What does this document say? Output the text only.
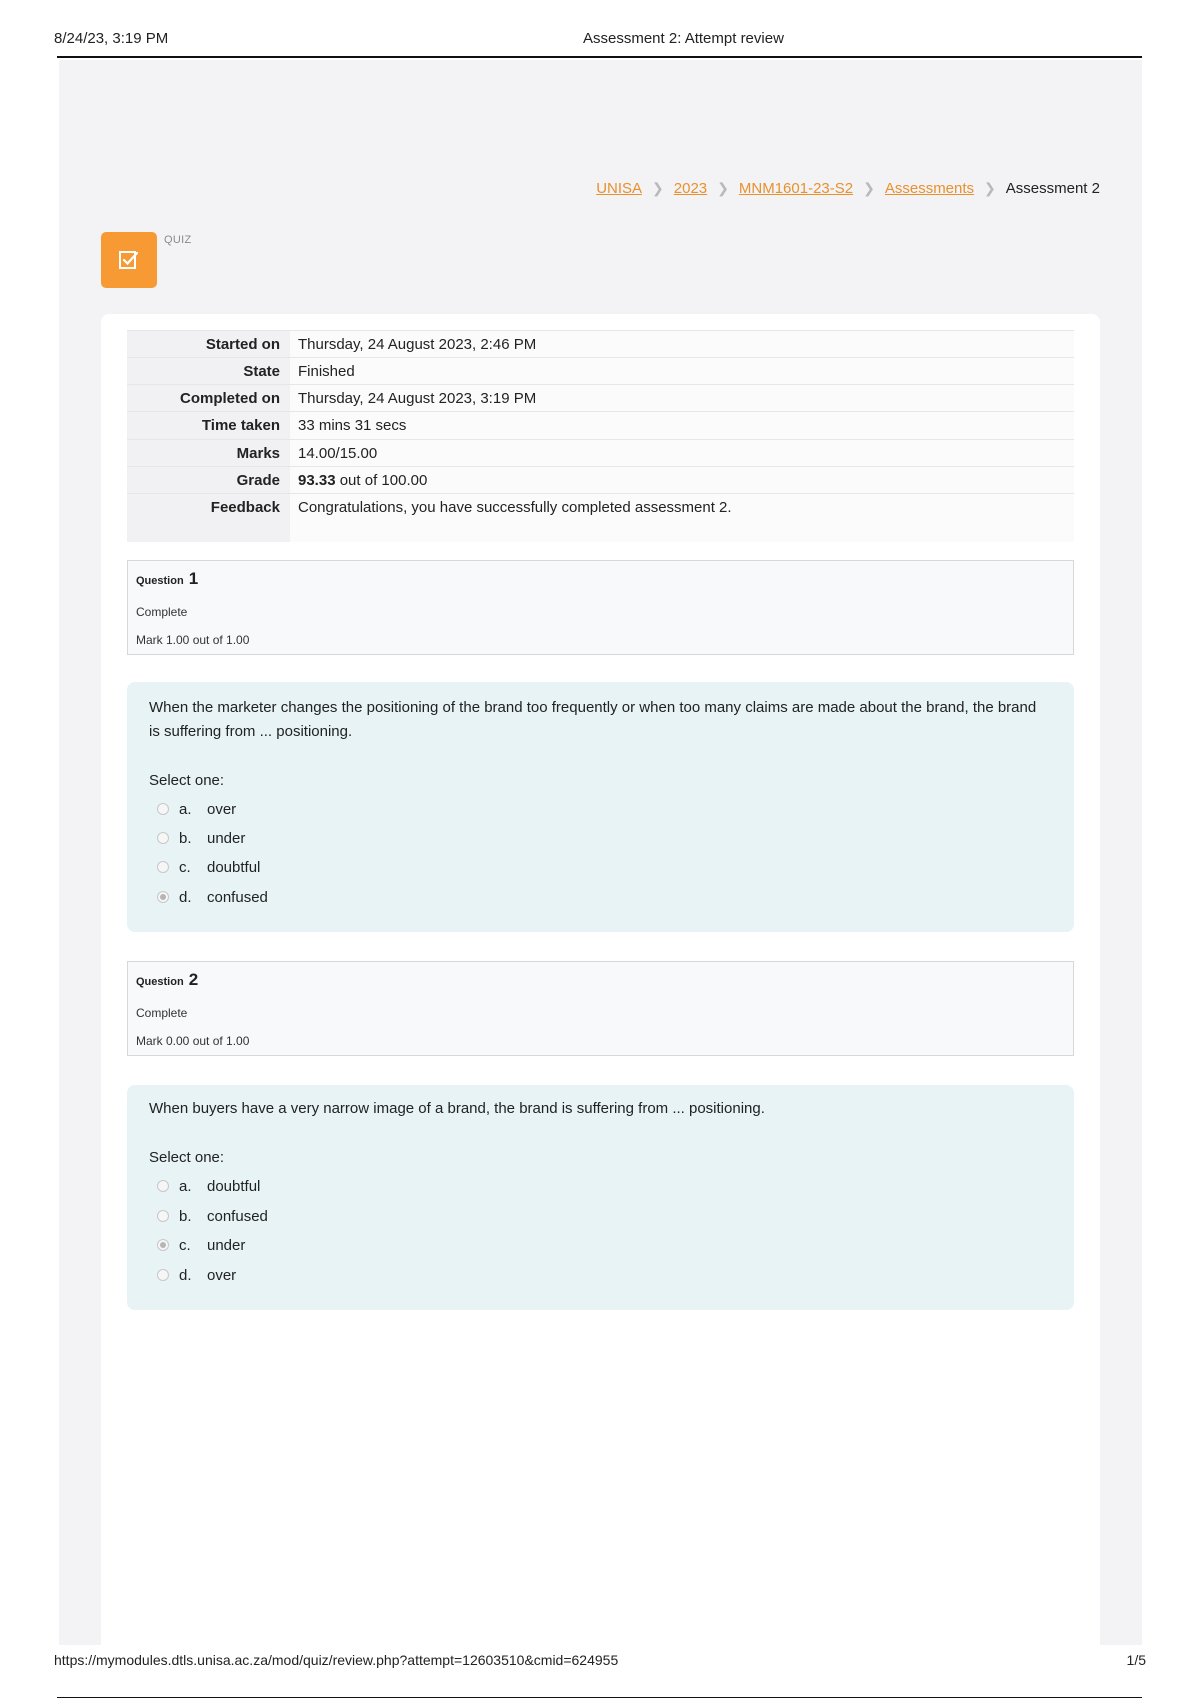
8/24/23, 3:19 PM	Assessment 2: Attempt review
UNISA ❯ 2023 ❯ MNM1601-23-S2 ❯ Assessments ❯ Assessment 2
QUIZ
Started on	Thursday, 24 August 2023, 2:46 PM
State	Finished
Completed on	Thursday, 24 August 2023, 3:19 PM
Time taken	33 mins 31 secs
Marks	14.00/15.00
Grade	93.33 out of 100.00
Feedback	Congratulations, you have successfully completed assessment 2.
Question 1
Complete
Mark 1.00 out of 1.00
When the marketer changes the positioning of the brand too frequently or when too many claims are made about the brand, the brand is suffering from ... positioning.
Select one:
a.	over
b.	under
c.	doubtful
d.	confused
Question 2
Complete
Mark 0.00 out of 1.00
When buyers have a very narrow image of a brand, the brand is suffering from ... positioning.
Select one:
a.	doubtful
b.	confused
c.	under
d.	over
https://mymodules.dtls.unisa.ac.za/mod/quiz/review.php?attempt=12603510&cmid=624955	1/5
